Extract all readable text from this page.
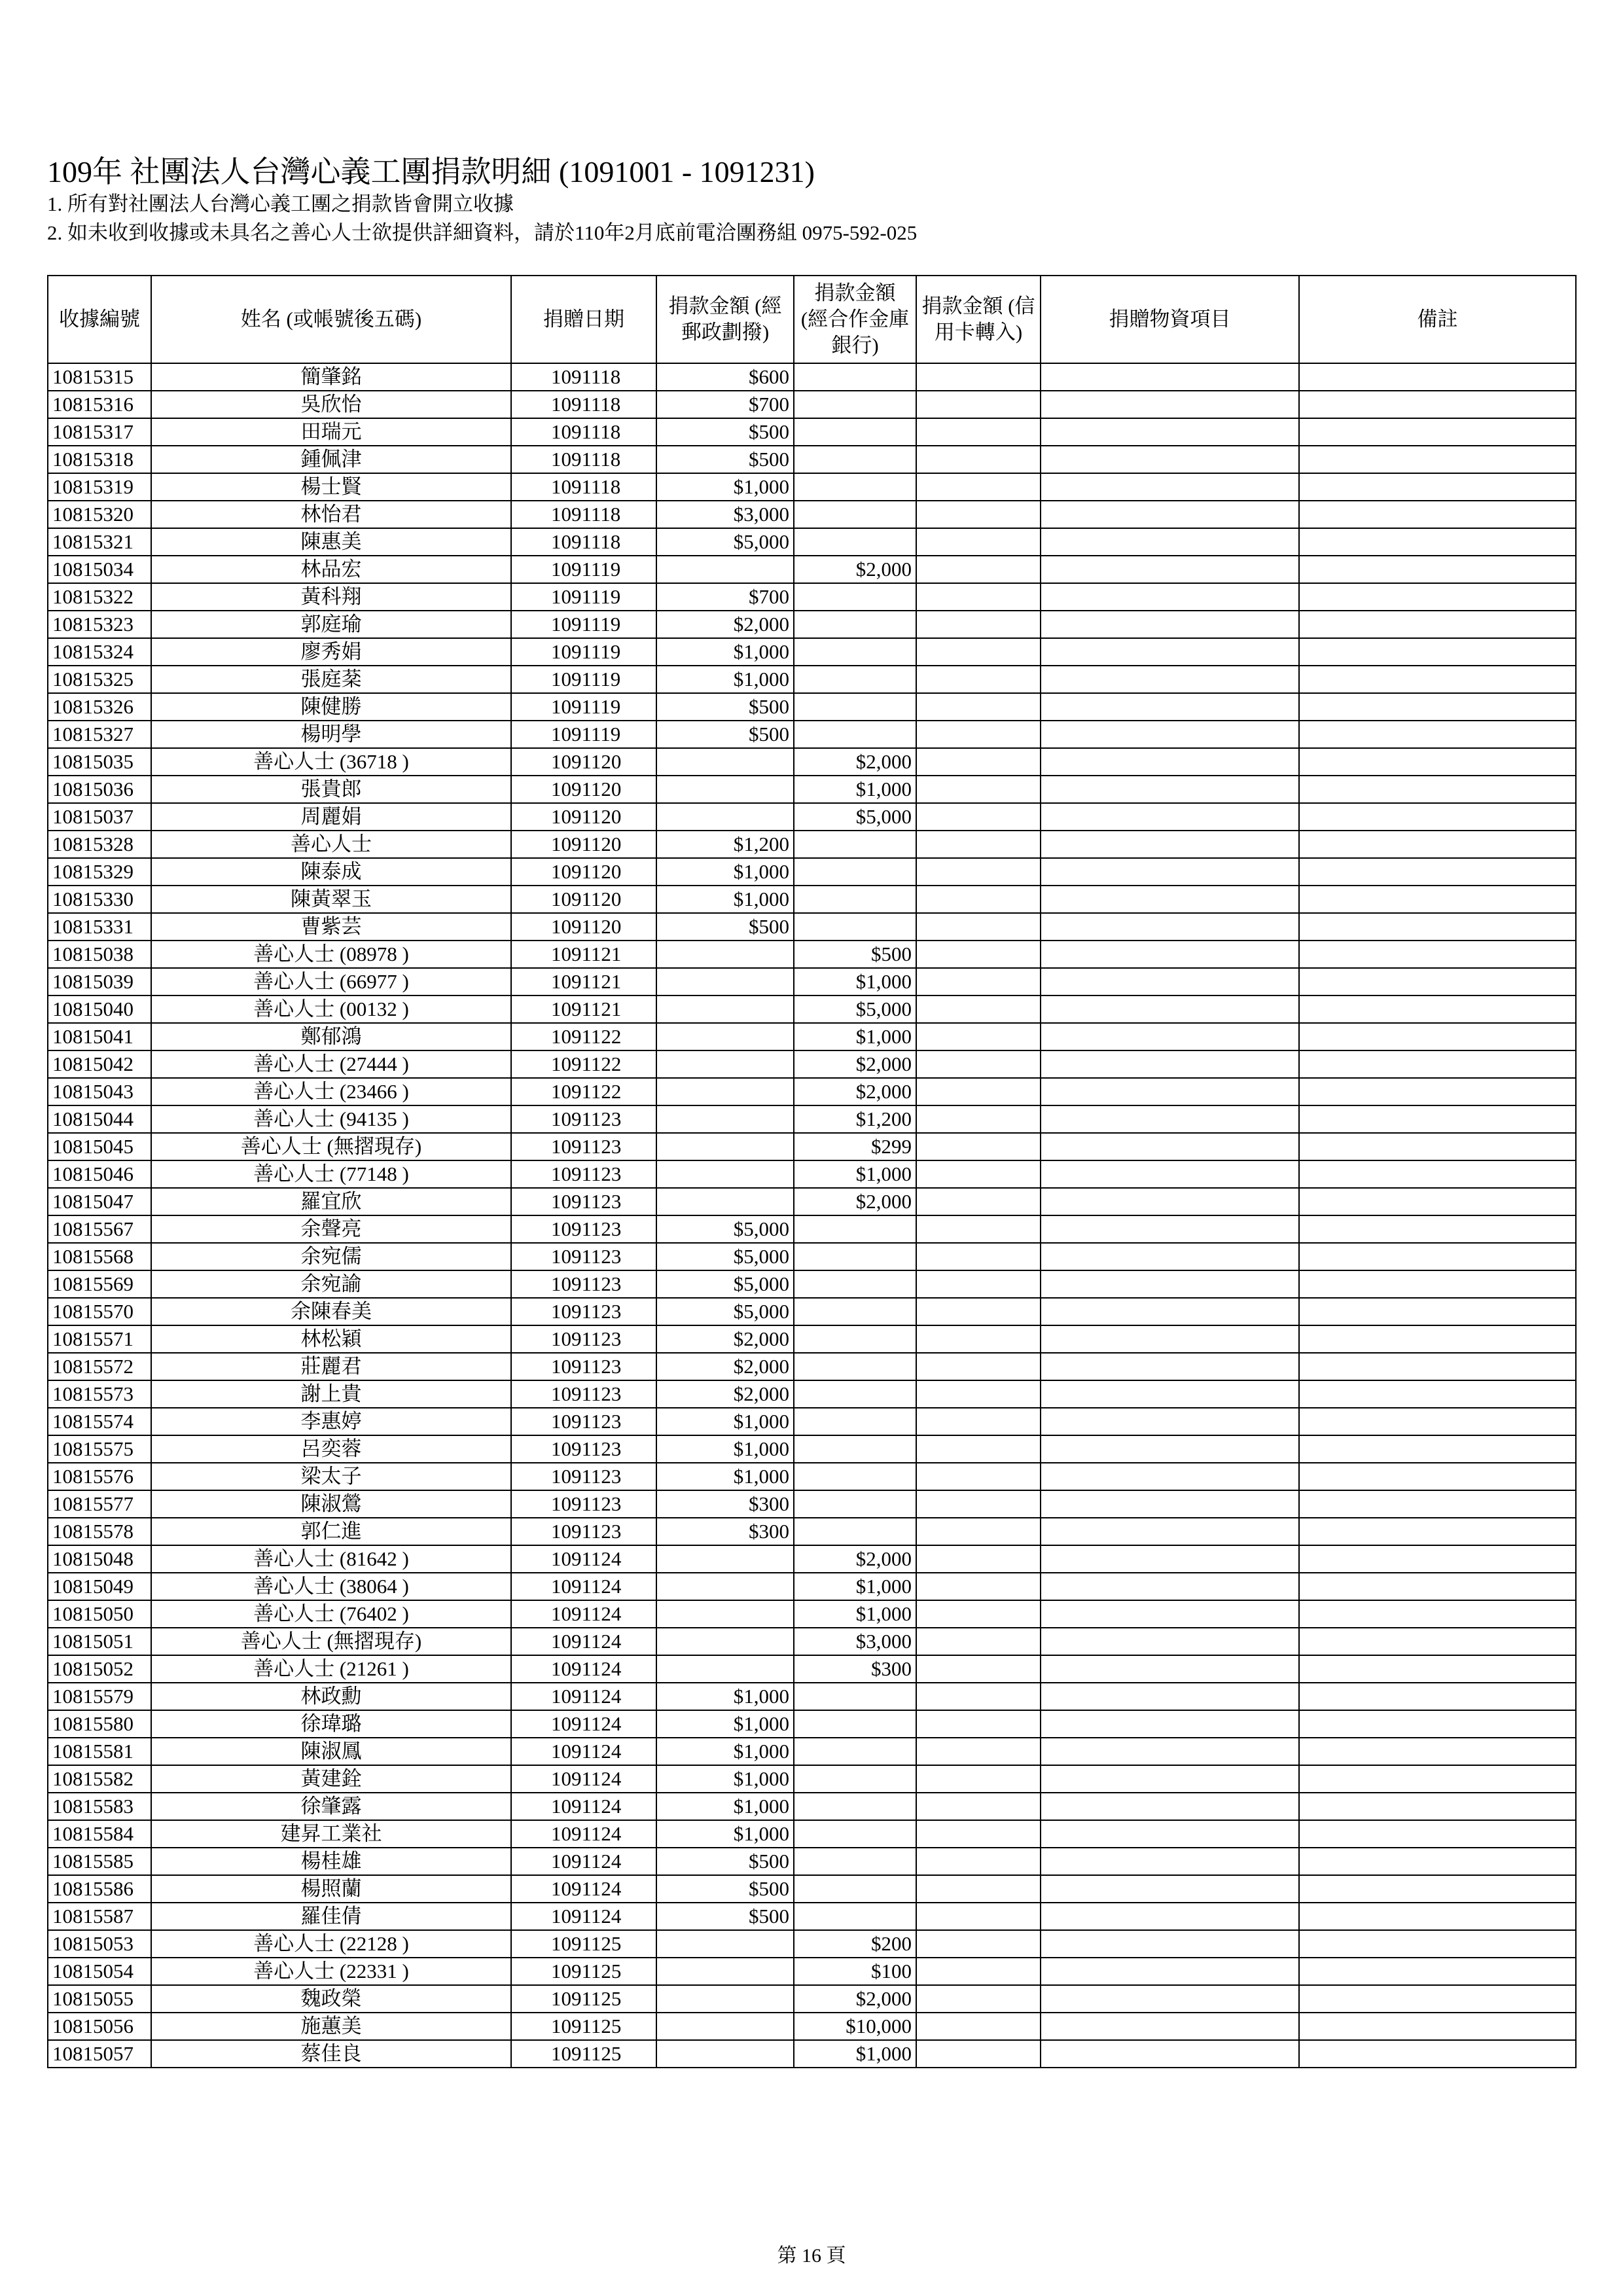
109年 社團法人台灣心義工團捐款明細 (1091001 - 1091231)
1. 所有對社團法人台灣心義工團之捐款皆會開立收據
2. 如未收到收據或未具名之善心人士欲提供詳細資料，請於110年2月底前電洽團務組 0975-592-025
收據編號	姓名 (或帳號後五碼)	捐贈日期	捐款金額 (經郵政劃撥)	捐款金額 (經合作金庫銀行)	捐款金額 (信用卡轉入)	捐贈物資項目	備註
10815315	簡肇銘	1091118	$600				
10815316	吳欣怡	1091118	$700				
10815317	田瑞元	1091118	$500				
10815318	鍾佩津	1091118	$500				
10815319	楊士賢	1091118	$1,000				
10815320	林怡君	1091118	$3,000				
10815321	陳惠美	1091118	$5,000				
10815034	林品宏	1091119		$2,000			
10815322	黃科翔	1091119	$700				
10815323	郭庭瑜	1091119	$2,000				
10815324	廖秀娟	1091119	$1,000				
10815325	張庭棻	1091119	$1,000				
10815326	陳健勝	1091119	$500				
10815327	楊明學	1091119	$500				
10815035	善心人士 (36718 )	1091120		$2,000			
10815036	張貴郎	1091120		$1,000			
10815037	周麗娟	1091120		$5,000			
10815328	善心人士	1091120	$1,200				
10815329	陳泰成	1091120	$1,000				
10815330	陳黃翠玉	1091120	$1,000				
10815331	曹紫芸	1091120	$500				
10815038	善心人士 (08978 )	1091121		$500			
10815039	善心人士 (66977 )	1091121		$1,000			
10815040	善心人士 (00132 )	1091121		$5,000			
10815041	鄭郁鴻	1091122		$1,000			
10815042	善心人士 (27444 )	1091122		$2,000			
10815043	善心人士 (23466 )	1091122		$2,000			
10815044	善心人士 (94135 )	1091123		$1,200			
10815045	善心人士 (無摺現存)	1091123		$299			
10815046	善心人士 (77148 )	1091123		$1,000			
10815047	羅宜欣	1091123		$2,000			
10815567	余聲亮	1091123	$5,000				
10815568	余宛儒	1091123	$5,000				
10815569	余宛諭	1091123	$5,000				
10815570	余陳春美	1091123	$5,000				
10815571	林松穎	1091123	$2,000				
10815572	莊麗君	1091123	$2,000				
10815573	謝上貴	1091123	$2,000				
10815574	李惠婷	1091123	$1,000				
10815575	呂奕蓉	1091123	$1,000				
10815576	梁太子	1091123	$1,000				
10815577	陳淑鶯	1091123	$300				
10815578	郭仁進	1091123	$300				
10815048	善心人士 (81642 )	1091124		$2,000			
10815049	善心人士 (38064 )	1091124		$1,000			
10815050	善心人士 (76402 )	1091124		$1,000			
10815051	善心人士 (無摺現存)	1091124		$3,000			
10815052	善心人士 (21261 )	1091124		$300			
10815579	林政勳	1091124	$1,000				
10815580	徐瑋璐	1091124	$1,000				
10815581	陳淑鳳	1091124	$1,000				
10815582	黃建銓	1091124	$1,000				
10815583	徐肇露	1091124	$1,000				
10815584	建昇工業社	1091124	$1,000				
10815585	楊桂雄	1091124	$500				
10815586	楊照蘭	1091124	$500				
10815587	羅佳倩	1091124	$500				
10815053	善心人士 (22128 )	1091125		$200			
10815054	善心人士 (22331 )	1091125		$100			
10815055	魏政榮	1091125		$2,000			
10815056	施蕙美	1091125		$10,000			
10815057	蔡佳良	1091125		$1,000			
第 16 頁
